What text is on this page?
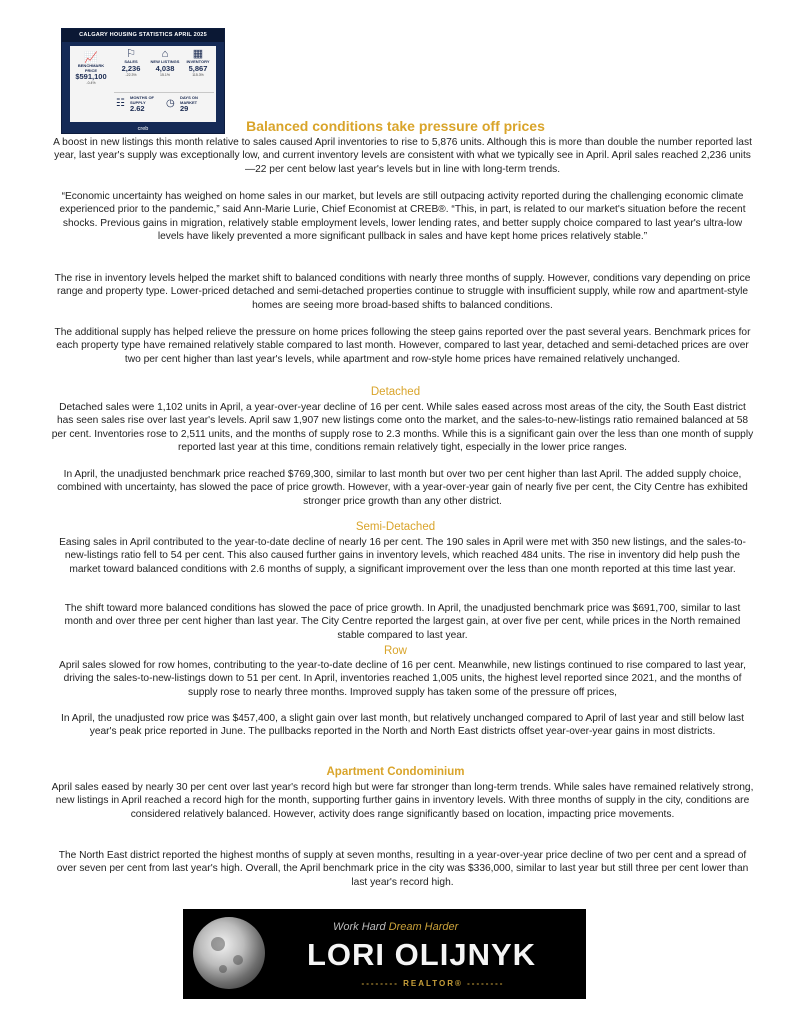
CALGARY HOUSING STATISTICS APRIL 2025
📈
BENCHMARK PRICE
$591,100
-0.4%
⚐
SALES
2,236
-22.3%
⌂
NEW LISTINGS
4,038
15.1%
▦
INVENTORY
5,867
115.3%
MONTHS OF SUPPLY
2.62
☷
DAYS ON MARKET
29
◷
creb	Balanced conditions take pressure off prices

A boost in new listings this month relative to sales caused April inventories to rise to 5,876 units. Although this is more than double the number reported last year, last year's supply was exceptionally low, and current inventory levels are consistent with what we typically see in April. April sales reached 2,236 units—22 per cent below last year's levels but in line with long-term trends.

“Economic uncertainty has weighed on home sales in our market, but levels are still outpacing activity reported during the challenging economic climate experienced prior to the pandemic,” said Ann-Marie Lurie, Chief Economist at CREB®. “This, in part, is related to our market's situation before the recent shocks. Previous gains in migration, relatively stable employment levels, lower lending rates, and better supply choice compared to last year's ultra-low levels have likely prevented a more significant pullback in sales and have kept home prices relatively stable.”

The rise in inventory levels helped the market shift to balanced conditions with nearly three months of supply. However, conditions vary depending on price range and property type. Lower-priced detached and semi-detached properties continue to struggle with insufficient supply, while row and apartment-style homes are seeing more broad-based shifts to balanced conditions.

The additional supply has helped relieve the pressure on home prices following the steep gains reported over the past several years. Benchmark prices for each property type have remained relatively stable compared to last month. However, compared to last year, detached and semi-detached prices are over two per cent higher than last year's levels, while apartment and row-style home prices have remained relatively unchanged.

Detached

Detached sales were 1,102 units in April, a year-over-year decline of 16 per cent. While sales eased across most areas of the city, the South East district has seen sales rise over last year's levels. April saw 1,907 new listings come onto the market, and the sales-to-new-listings ratio remained balanced at 58 per cent. Inventories rose to 2,511 units, and the months of supply rose to 2.3 months. While this is a significant gain over the less than one month of supply reported last year at this time, conditions remain relatively tight, especially in the lower price ranges.

In April, the unadjusted benchmark price reached $769,300, similar to last month but over two per cent higher than last April. The added supply choice, combined with uncertainty, has slowed the pace of price growth. However, with a year-over-year gain of nearly five per cent, the City Centre has exhibited stronger price growth than any other district.

Semi-Detached

Easing sales in April contributed to the year-to-date decline of nearly 16 per cent. The 190 sales in April were met with 350 new listings, and the sales-to-new-listings ratio fell to 54 per cent. This also caused further gains in inventory levels, which reached 484 units. The rise in inventory did help push the market toward balanced conditions with 2.6 months of supply, a significant improvement over the less than one month reported at this time last year.

The shift toward more balanced conditions has slowed the pace of price growth. In April, the unadjusted benchmark price was $691,700, similar to last month and over three per cent higher than last year. The City Centre reported the largest gain, at over five per cent, while prices in the North remained stable compared to last year.

Row

April sales slowed for row homes, contributing to the year-to-date decline of 16 per cent. Meanwhile, new listings continued to rise compared to last year, driving the sales-to-new-listings down to 51 per cent. In April, inventories reached 1,005 units, the highest level reported since 2021, and the months of supply rose to nearly three months. Improved supply has taken some of the pressure off prices,

In April, the unadjusted row price was $457,400, a slight gain over last month, but relatively unchanged compared to April of last year and still below last year's peak price reported in June. The pullbacks reported in the North and North East districts offset year-over-year gains in most districts.

Apartment Condominium

April sales eased by nearly 30 per cent over last year's record high but were far stronger than long-term trends. While sales have remained relatively strong, new listings in April reached a record high for the month, supporting further gains in inventory levels. With three months of supply in the city, conditions are considered relatively balanced. However, activity does range significantly based on location, impacting price movements.

The North East district reported the highest months of supply at seven months, resulting in a year-over-year price decline of two per cent and a spread of over seven per cent from last year's high. Overall, the April benchmark price in the city was $336,000, similar to last year but still three per cent lower than last year's record high.

Work Hard Dream Harder
LORI OLIJNYK
-------- REALTOR® --------
